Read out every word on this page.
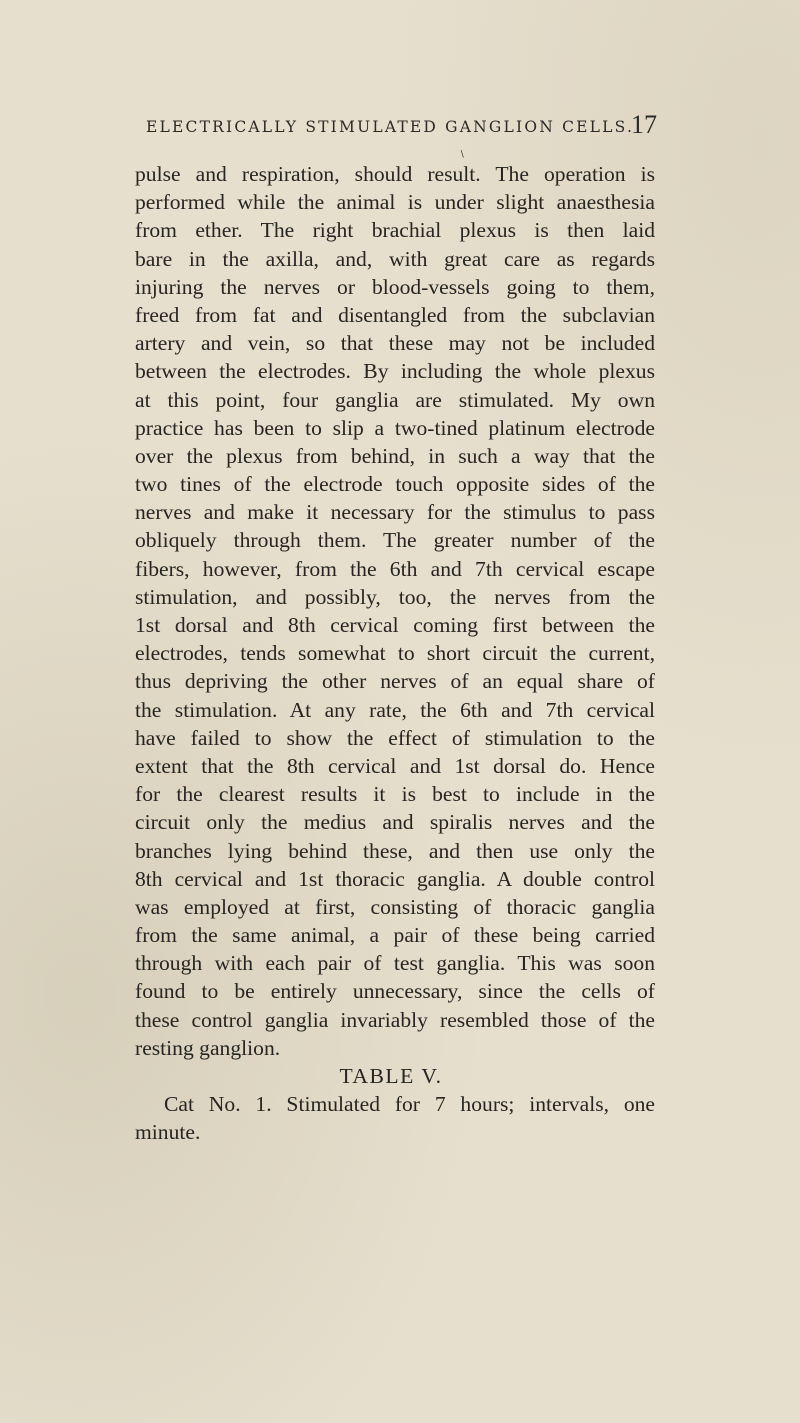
ELECTRICALLY STIMULATED GANGLION CELLS.
17
∖
pulse and respiration, should result. The operation is
performed while the animal is under slight anaesthesia
from ether. The right brachial plexus is then laid
bare in the axilla, and, with great care as regards
injuring the nerves or blood-vessels going to them,
freed from fat and disentangled from the subclavian
artery and vein, so that these may not be included
between the electrodes. By including the whole plexus
at this point, four ganglia are stimulated. My own
practice has been to slip a two-tined platinum electrode
over the plexus from behind, in such a way that the
two tines of the electrode touch opposite sides of the
nerves and make it necessary for the stimulus to pass
obliquely through them. The greater number of the
fibers, however, from the 6th and 7th cervical escape
stimulation, and possibly, too, the nerves from the
1st dorsal and 8th cervical coming first between the
electrodes, tends somewhat to short circuit the current,
thus depriving the other nerves of an equal share of
the stimulation. At any rate, the 6th and 7th cervical
have failed to show the effect of stimulation to the
extent that the 8th cervical and 1st dorsal do. Hence
for the clearest results it is best to include in the
circuit only the medius and spiralis nerves and the
branches lying behind these, and then use only the
8th cervical and 1st thoracic ganglia. A double control
was employed at first, consisting of thoracic ganglia
from the same animal, a pair of these being carried
through with each pair of test ganglia. This was soon
found to be entirely unnecessary, since the cells of
these control ganglia invariably resembled those of the
resting ganglion.
TABLE V.
Cat No. 1. Stimulated for 7 hours; intervals, one
minute.
